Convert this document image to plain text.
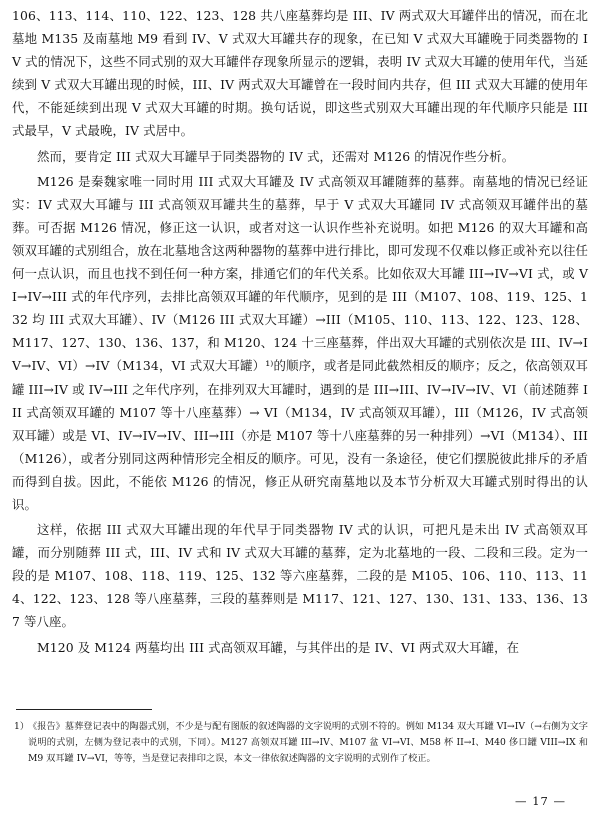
106、113、114、110、122、123、128 共八座墓葬均是 III、IV 两式双大耳罐伴出的情况，而在北墓地 M135 及南墓地 M9 看到 IV、V 式双大耳罐共存的现象，在已知 V 式双大耳罐晚于同类器物的 IV 式的情况下，这些不同式别的双大耳罐伴存现象所显示的逻辑，表明 IV 式双大耳罐的使用年代，当延续到 V 式双大耳罐出现的时候，III、IV 两式双大耳罐曾在一段时间内共存，但 III 式双大耳罐的使用年代，不能延续到出现 V 式双大耳罐的时期。换句话说，即这些式别双大耳罐出现的年代顺序只能是 III 式最早，V 式最晚，IV 式居中。

然而，要肯定 III 式双大耳罐早于同类器物的 IV 式，还需对 M126 的情况作些分析。

M126 是秦魏家唯一同时用 III 式双大耳罐及 IV 式高领双耳罐随葬的墓葬。南墓地的情况已经证实：IV 式双大耳罐与 III 式高领双耳罐共生的墓葬，早于 V 式双大耳罐同 IV 式高领双耳罐伴出的墓葬。可否据 M126 情况，修正这一认识，或者对这一认识作些补充说明。如把 M126 的双大耳罐和高领双耳罐的式别组合，放在北墓地含这两种器物的墓葬中进行排比，即可发现不仅难以修正或补充以往任何一点认识，而且也找不到任何一种方案，排通它们的年代关系。比如依双大耳罐 III→IV→VI 式，或 VI→IV→III 式的年代序列，去排比高领双耳罐的年代顺序，见到的是 III（M107、108、119、125、132 均 III 式双大耳罐）、IV（M126 III 式双大耳罐）→III（M105、110、113、122、123、128、M117、127、130、136、137，和 M120、124 十三座墓葬，伴出双大耳罐的式别依次是 III、IV→IV→IV、VI）→IV（M134，VI 式双大耳罐）¹⁾的顺序，或者是同此截然相反的顺序；反之，依高领双耳罐 III→IV 或 IV→III 之年代序列，在排列双大耳罐时，遇到的是 III→III、IV→IV→IV、VI（前述随葬 III 式高领双耳罐的 M107 等十八座墓葬）→ VI（M134，IV 式高领双耳罐），III（M126，IV 式高领双耳罐）或是 VI、IV→IV→IV、III→III（亦是 M107 等十八座墓葬的另一种排列）→VI（M134）、III（M126），或者分别同这两种情形完全相反的顺序。可见，没有一条途径，使它们摆脱彼此排斥的矛盾而得到自拔。因此，不能依 M126 的情况，修正从研究南墓地以及本节分析双大耳罐式别时得出的认识。

这样，依据 III 式双大耳罐出现的年代早于同类器物 IV 式的认识，可把凡是未出 IV 式高领双耳罐，而分别随葬 III 式，III、IV 式和 IV 式双大耳罐的墓葬，定为北墓地的一段、二段和三段。定为一段的是 M107、108、118、119、125、132 等六座墓葬，二段的是 M105、106、110、113、114、122、123、128 等八座墓葬，三段的墓葬则是 M117、121、127、130、131、133、136、137 等八座。

M120 及 M124 两墓均出 III 式高领双耳罐，与其伴出的是 IV、VI 两式双大耳罐，在

1）《报告》墓葬登记表中的陶器式别，不少是与配有图版的叙述陶器的文字说明的式别不符的。例如 M134 双大耳罐 VI→IV（→右侧为文字说明的式别，左侧为登记表中的式别，下同）。M127 高领双耳罐 III→IV、M107 盆 VI→VI、M58 杯 II→I、M40 侈口罐 VIII→IX 和 M9 双耳罐 IV→VI，等等，当是登记表排印之误，本文一律依叙述陶器的文字说明的式别作了校正。

— 17 —
